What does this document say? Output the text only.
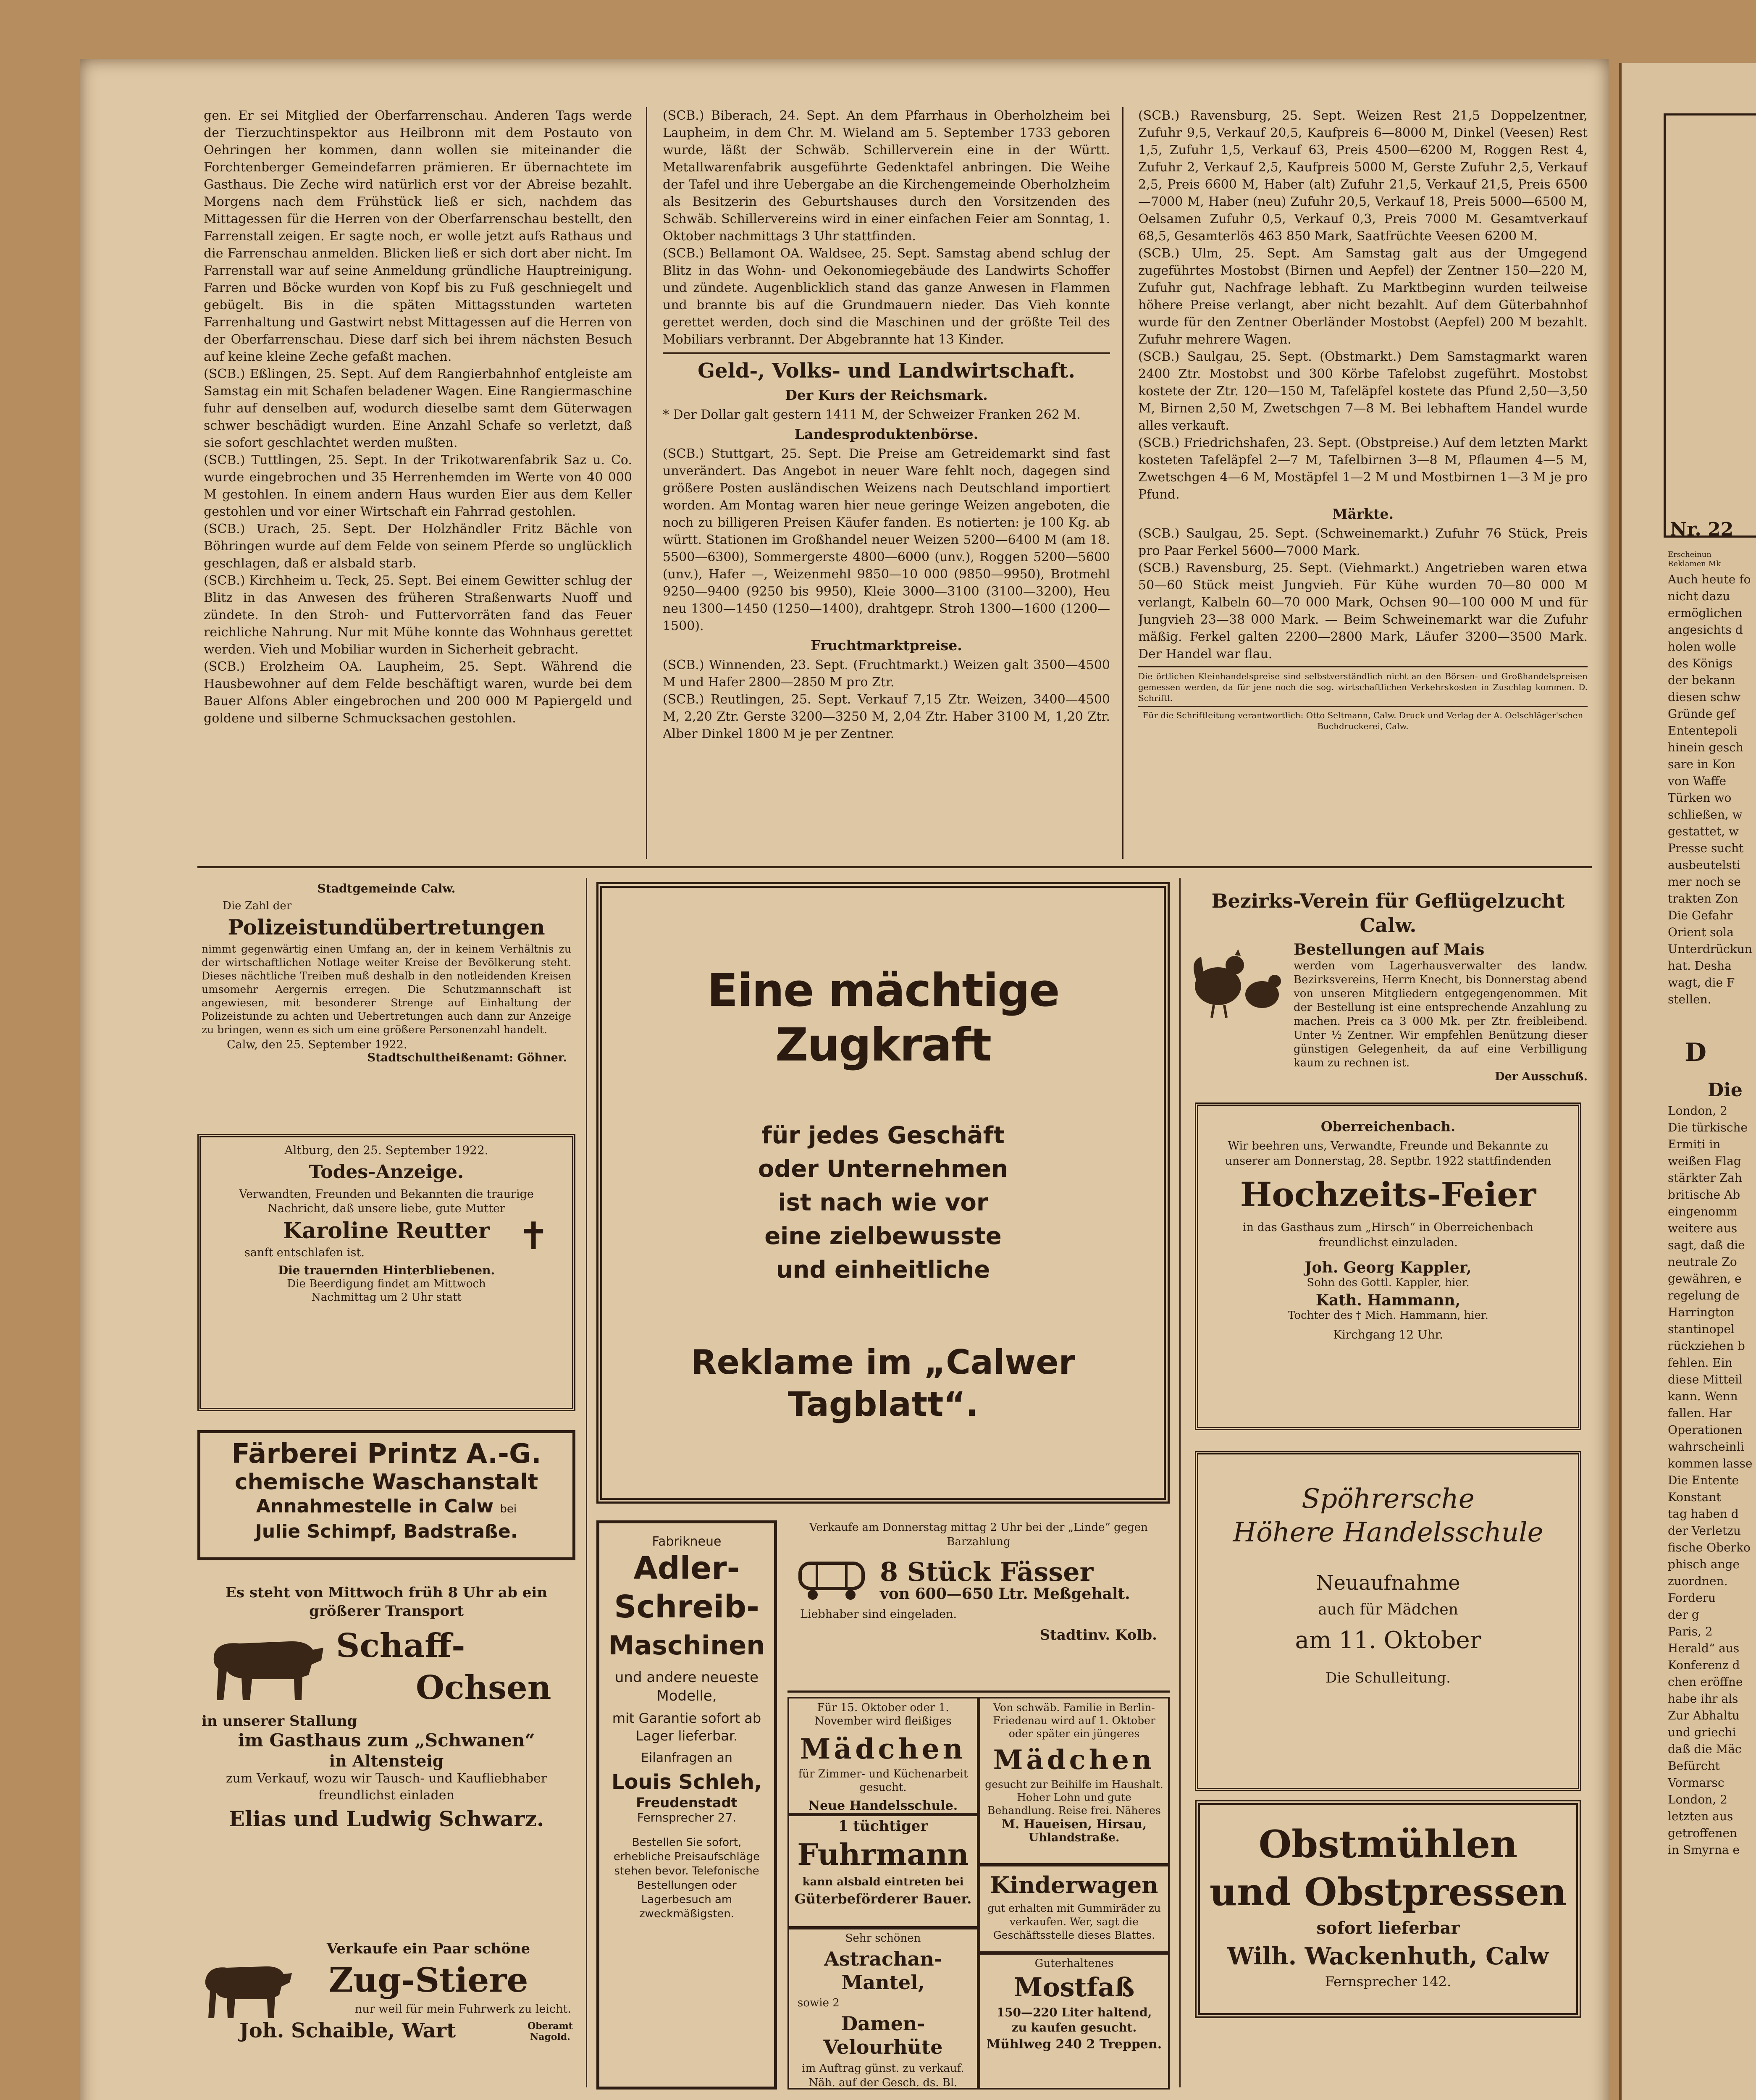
gen. Er sei Mitglied der Oberfarrenschau. Anderen Tags werde der Tierzuchtinspektor aus Heilbronn mit dem Postauto von Oehringen her kommen, dann wollen sie miteinander die Forchtenberger Gemeindefarren prämieren. Er übernachtete im Gasthaus. Die Zeche wird natürlich erst vor der Abreise bezahlt. Morgens nach dem Frühstück ließ er sich, nachdem das Mittagessen für die Herren von der Oberfarrenschau bestellt, den Farrenstall zeigen. Er sagte noch, er wolle jetzt aufs Rathaus und die Farrenschau anmelden. Blicken ließ er sich dort aber nicht. Im Farrenstall war auf seine Anmeldung gründliche Hauptreinigung. Farren und Böcke wurden von Kopf bis zu Fuß geschniegelt und gebügelt. Bis in die späten Mittagsstunden warteten Farrenhaltung und Gastwirt nebst Mittagessen auf die Herren von der Oberfarrenschau. Diese darf sich bei ihrem nächsten Besuch auf keine kleine Zeche gefaßt machen.

(SCB.) Eßlingen, 25. Sept. Auf dem Rangierbahnhof entgleiste am Samstag ein mit Schafen beladener Wagen. Eine Rangiermaschine fuhr auf denselben auf, wodurch dieselbe samt dem Güterwagen schwer beschädigt wurden. Eine Anzahl Schafe so verletzt, daß sie sofort geschlachtet werden mußten.

(SCB.) Tuttlingen, 25. Sept. In der Trikotwarenfabrik Saz u. Co. wurde eingebrochen und 35 Herrenhemden im Werte von 40 000 M gestohlen. In einem andern Haus wurden Eier aus dem Keller gestohlen und vor einer Wirtschaft ein Fahrrad gestohlen.

(SCB.) Urach, 25. Sept. Der Holzhändler Fritz Bächle von Böhringen wurde auf dem Felde von seinem Pferde so unglücklich geschlagen, daß er alsbald starb.

(SCB.) Kirchheim u. Teck, 25. Sept. Bei einem Gewitter schlug der Blitz in das Anwesen des früheren Straßenwarts Nuoff und zündete. In den Stroh- und Futtervorräten fand das Feuer reichliche Nahrung. Nur mit Mühe konnte das Wohnhaus gerettet werden. Vieh und Mobiliar wurden in Sicherheit gebracht.

(SCB.) Erolzheim OA. Laupheim, 25. Sept. Während die Hausbewohner auf dem Felde beschäftigt waren, wurde bei dem Bauer Alfons Abler eingebrochen und 200 000 M Papiergeld und goldene und silberne Schmucksachen gestohlen.

(SCB.) Biberach, 24. Sept. An dem Pfarrhaus in Oberholzheim bei Laupheim, in dem Chr. M. Wieland am 5. September 1733 geboren wurde, läßt der Schwäb. Schillerverein eine in der Württ. Metallwarenfabrik ausgeführte Gedenktafel anbringen. Die Weihe der Tafel und ihre Uebergabe an die Kirchengemeinde Oberholzheim als Besitzerin des Geburtshauses durch den Vorsitzenden des Schwäb. Schillervereins wird in einer einfachen Feier am Sonntag, 1. Oktober nachmittags 3 Uhr stattfinden.

(SCB.) Bellamont OA. Waldsee, 25. Sept. Samstag abend schlug der Blitz in das Wohn- und Oekonomiegebäude des Landwirts Schoffer und zündete. Augenblicklich stand das ganze Anwesen in Flammen und brannte bis auf die Grundmauern nieder. Das Vieh konnte gerettet werden, doch sind die Maschinen und der größte Teil des Mobiliars verbrannt. Der Abgebrannte hat 13 Kinder.

Geld-, Volks- und Landwirtschaft.
Der Kurs der Reichsmark.

* Der Dollar galt gestern 1411 M, der Schweizer Franken 262 M.

Landesproduktenbörse.

(SCB.) Stuttgart, 25. Sept. Die Preise am Getreidemarkt sind fast unverändert. Das Angebot in neuer Ware fehlt noch, dagegen sind größere Posten ausländischen Weizens nach Deutschland importiert worden. Am Montag waren hier neue geringe Weizen angeboten, die noch zu billigeren Preisen Käufer fanden. Es notierten: je 100 Kg. ab württ. Stationen im Großhandel neuer Weizen 5200—6400 M (am 18. 5500—6300), Sommergerste 4800—6000 (unv.), Roggen 5200—5600 (unv.), Hafer —, Weizenmehl 9850—10 000 (9850—9950), Brotmehl 9250—9400 (9250 bis 9950), Kleie 3000—3100 (3100—3200), Heu neu 1300—1450 (1250—1400), drahtgepr. Stroh 1300—1600 (1200—1500).

Fruchtmarktpreise.

(SCB.) Winnenden, 23. Sept. (Fruchtmarkt.) Weizen galt 3500—4500 M und Hafer 2800—2850 M pro Ztr.

(SCB.) Reutlingen, 25. Sept. Verkauf 7,15 Ztr. Weizen, 3400—4500 M, 2,20 Ztr. Gerste 3200—3250 M, 2,04 Ztr. Haber 3100 M, 1,20 Ztr. Alber Dinkel 1800 M je per Zentner.

(SCB.) Ravensburg, 25. Sept. Weizen Rest 21,5 Doppelzentner, Zufuhr 9,5, Verkauf 20,5, Kaufpreis 6—8000 M, Dinkel (Veesen) Rest 1,5, Zufuhr 1,5, Verkauf 63, Preis 4500—6200 M, Roggen Rest 4, Zufuhr 2, Verkauf 2,5, Kaufpreis 5000 M, Gerste Zufuhr 2,5, Verkauf 2,5, Preis 6600 M, Haber (alt) Zufuhr 21,5, Verkauf 21,5, Preis 6500—7000 M, Haber (neu) Zufuhr 20,5, Verkauf 18, Preis 5000—6500 M, Oelsamen Zufuhr 0,5, Verkauf 0,3, Preis 7000 M. Gesamtverkauf 68,5, Gesamterlös 463 850 Mark, Saatfrüchte Veesen 6200 M.

(SCB.) Ulm, 25. Sept. Am Samstag galt aus der Umgegend zugeführtes Mostobst (Birnen und Aepfel) der Zentner 150—220 M, Zufuhr gut, Nachfrage lebhaft. Zu Marktbeginn wurden teilweise höhere Preise verlangt, aber nicht bezahlt. Auf dem Güterbahnhof wurde für den Zentner Oberländer Mostobst (Aepfel) 200 M bezahlt. Zufuhr mehrere Wagen.

(SCB.) Saulgau, 25. Sept. (Obstmarkt.) Dem Samstagmarkt waren 2400 Ztr. Mostobst und 300 Körbe Tafelobst zugeführt. Mostobst kostete der Ztr. 120—150 M, Tafeläpfel kostete das Pfund 2,50—3,50 M, Birnen 2,50 M, Zwetschgen 7—8 M. Bei lebhaftem Handel wurde alles verkauft.

(SCB.) Friedrichshafen, 23. Sept. (Obstpreise.) Auf dem letzten Markt kosteten Tafeläpfel 2—7 M, Tafelbirnen 3—8 M, Pflaumen 4—5 M, Zwetschgen 4—6 M, Mostäpfel 1—2 M und Mostbirnen 1—3 M je pro Pfund.

Märkte.

(SCB.) Saulgau, 25. Sept. (Schweinemarkt.) Zufuhr 76 Stück, Preis pro Paar Ferkel 5600—7000 Mark.

(SCB.) Ravensburg, 25. Sept. (Viehmarkt.) Angetrieben waren etwa 50—60 Stück meist Jungvieh. Für Kühe wurden 70—80 000 M verlangt, Kalbeln 60—70 000 Mark, Ochsen 90—100 000 M und für Jungvieh 23—38 000 Mark. — Beim Schweinemarkt war die Zufuhr mäßig. Ferkel galten 2200—2800 Mark, Läufer 3200—3500 Mark. Der Handel war flau.

Die örtlichen Kleinhandelspreise sind selbstverständlich nicht an den Börsen- und Großhandelspreisen gemessen werden, da für jene noch die sog. wirtschaftlichen Verkehrskosten in Zuschlag kommen. D. Schriftl.

Für die Schriftleitung verantwortlich: Otto Seltmann, Calw. Druck und Verlag der A. Oelschläger'schen Buchdruckerei, Calw.

Stadtgemeinde Calw.
Die Zahl der
Polizeistundübertretungen
nimmt gegenwärtig einen Umfang an, der in keinem Verhältnis zu der wirtschaftlichen Notlage weiter Kreise der Bevölkerung steht. Dieses nächtliche Treiben muß deshalb in den notleidenden Kreisen umsomehr Aergernis erregen. Die Schutzmannschaft ist angewiesen, mit besonderer Strenge auf Einhaltung der Polizeistunde zu achten und Uebertretungen auch dann zur Anzeige zu bringen, wenn es sich um eine größere Personenzahl handelt.
Calw, den 25. September 1922.
Stadtschultheißenamt: Göhner.
Altburg, den 25. September 1922.
Todes-Anzeige.
Verwandten, Freunden und Bekannten die traurige Nachricht, daß unsere liebe, gute Mutter
Karoline Reutter ✝
sanft entschlafen ist.
Die trauernden Hinterbliebenen.
Die Beerdigung findet am Mittwoch Nachmittag um 2 Uhr statt
Färberei Printz A.-G.
chemische Waschanstalt
Annahmestelle in Calw bei
Julie Schimpf, Badstraße.
Es steht von Mittwoch früh 8 Uhr ab ein größerer Transport
Schaff-
Ochsen
in unserer Stallung
im Gasthaus zum „Schwanen“
in Altensteig
zum Verkauf, wozu wir Tausch- und Kaufliebhaber freundlichst einladen
Elias und Ludwig Schwarz.
Verkaufe ein Paar schöne
Zug-Stiere
nur weil für mein Fuhrwerk zu leicht.
Joh. Schaible, Wart	Oberamt Nagold.
Eine mächtige Zugkraft
für jedes Geschäft
oder Unternehmen
ist nach wie vor
eine zielbewusste
und einheitliche
Reklame im „Calwer Tagblatt“.
Fabrikneue
Adler-
Schreib-
Maschinen
und andere neueste Modelle,
mit Garantie sofort ab Lager lieferbar.
Eilanfragen an
Louis Schleh,
Freudenstadt
Fernsprecher 27.
Bestellen Sie sofort, erhebliche Preisaufschläge stehen bevor. Telefonische Bestellungen oder Lagerbesuch am zweckmäßigsten.
Verkaufe am Donnerstag mittag 2 Uhr bei der „Linde“ gegen Barzahlung
8 Stück Fässer
von 600—650 Ltr. Meßgehalt.
Liebhaber sind eingeladen.
Stadtinv. Kolb.
Für 15. Oktober oder 1. November wird fleißiges
Mädchen
für Zimmer- und Küchenarbeit gesucht.
Neue Handelsschule.
1 tüchtiger
Fuhrmann
kann alsbald eintreten bei
Güterbeförderer Bauer.
Sehr schönen
Astrachan-Mantel,
sowie 2
Damen-Velourhüte
im Auftrag günst. zu verkauf.
Näh. auf der Gesch. ds. Bl.
Von schwäb. Familie in Berlin-Friedenau wird auf 1. Oktober oder später ein jüngeres
Mädchen
gesucht zur Beihilfe im Haushalt. Hoher Lohn und gute Behandlung. Reise frei. Näheres
M. Haueisen, Hirsau,
Uhlandstraße.
Kinderwagen
gut erhalten mit Gummiräder zu verkaufen. Wer, sagt die Geschäftsstelle dieses Blattes.
Guterhaltenes
Mostfaß
150—220 Liter haltend, zu kaufen gesucht.
Mühlweg 240 2 Treppen.
Bezirks-Verein für Geflügelzucht Calw.
Bestellungen auf Mais
werden vom Lagerhausverwalter des landw. Bezirksvereins, Herrn Knecht, bis Donnerstag abend von unseren Mitgliedern entgegengenommen. Mit der Bestellung ist eine entsprechende Anzahlung zu machen. Preis ca 3 000 Mk. per Ztr. freibleibend. Unter ½ Zentner. Wir empfehlen Benützung dieser günstigen Gelegenheit, da auf eine Verbilligung kaum zu rechnen ist.
Der Ausschuß.
Oberreichenbach.
Wir beehren uns, Verwandte, Freunde und Bekannte zu unserer am Donnerstag, 28. Septbr. 1922 stattfindenden
Hochzeits-Feier
in das Gasthaus zum „Hirsch“ in Oberreichenbach freundlichst einzuladen.
Joh. Georg Kappler,
Sohn des Gottl. Kappler, hier.
Kath. Hammann,
Tochter des † Mich. Hammann, hier.
Kirchgang 12 Uhr.
Spöhrersche
Höhere Handelsschule
Neuaufnahme
auch für Mädchen
am 11. Oktober
Die Schulleitung.
Obstmühlen
und Obstpressen
sofort lieferbar
Wilh. Wackenhuth, Calw
Fernsprecher 142.
Nr. 22
Erscheinun
Reklamen Mk
Auch heute fo
nicht dazu
ermöglichen
angesichts d
holen wolle
des Königs
der bekann
diesen schw
Gründe gef
Ententepoli
hinein gesch
sare in Kon
von Waffe
Türken wo
schließen, w
gestattet, w
Presse sucht
ausbeutelsti
mer noch se
trakten Zon
Die Gefahr
Orient sola
Unterdrückun
hat. Desha
wagt, die F
stellen.
D
Die
London, 2
Die türkische
Ermiti in
weißen Flag
stärkter Zah
britische Ab
eingenomm
weitere aus
sagt, daß die
neutrale Zo
gewähren, e
regelung de
Harrington
stantinopel
rückziehen b
fehlen. Ein
diese Mitteil
kann. Wenn
fallen. Har
Operationen
wahrscheinli
kommen lasse
Die Entente
Konstant
tag haben d
der Verletzu
fische Oberko
phisch ange
zuordnen.
Forderu
der g
Paris, 2
Herald“ aus
Konferenz d
chen eröffne
habe ihr als
Zur Abhaltu
und griechi
daß die Mäc
Befürcht
Vormarsc
London, 2
letzten aus
getroffenen
in Smyrna e
